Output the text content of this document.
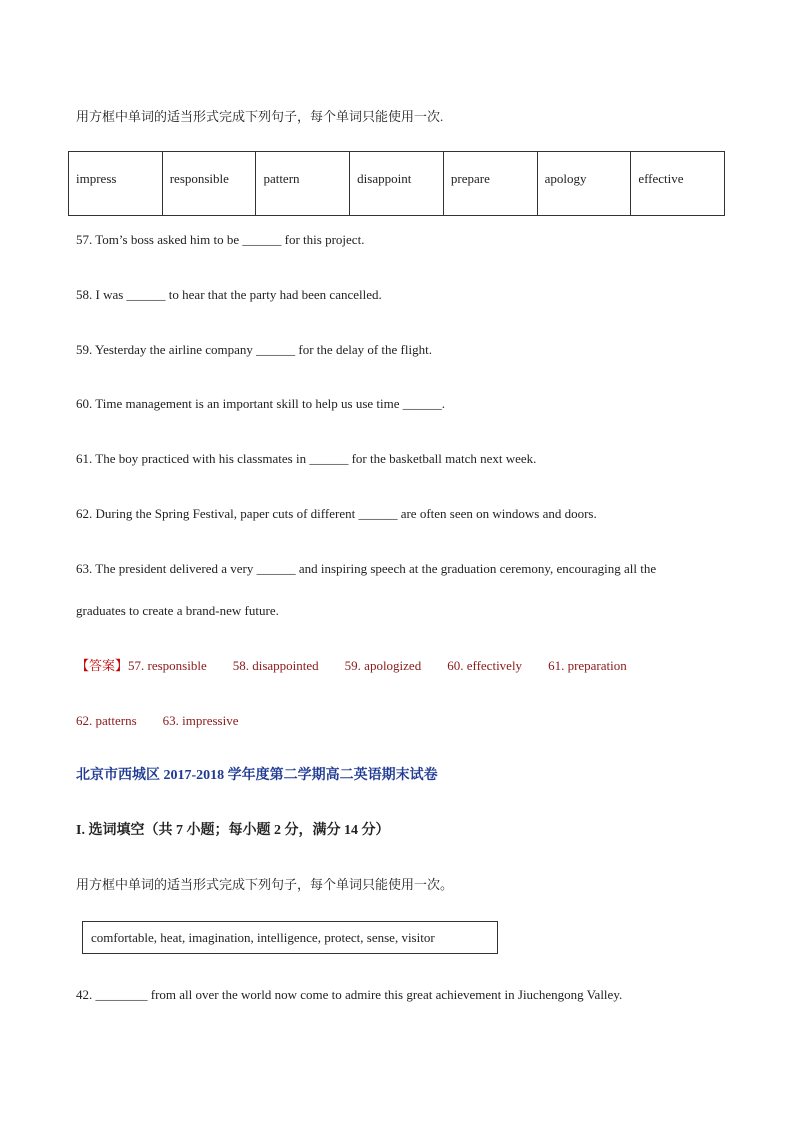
用方框中单词的适当形式完成下列句子，每个单词只能使用一次.
impress	responsible	pattern	disappoint	prepare	apology	effective
57. Tom’s boss asked him to be ______ for this project.
58. I was ______ to hear that the party had been cancelled.
59. Yesterday the airline company ______ for the delay of the flight.
60. Time management is an important skill to help us use time ______.
61. The boy practiced with his classmates in ______ for the basketball match next week.
62. During the Spring Festival, paper cuts of different ______ are often seen on windows and doors.
63. The president delivered a very ______ and inspiring speech at the graduation ceremony, encouraging all the
graduates to create a brand-new future.
【答案】57. responsible 58. disappointed 59. apologized 60. effectively 61. preparation
62. patterns 63. impressive
北京市西城区 2017-2018 学年度第二学期高二英语期末试卷
I. 选词填空（共 7 小题；每小题 2 分，满分 14 分）
用方框中单词的适当形式完成下列句子，每个单词只能使用一次。
comfortable, heat, imagination, intelligence, protect, sense, visitor
42. ________ from all over the world now come to admire this great achievement in Jiuchengong Valley.
